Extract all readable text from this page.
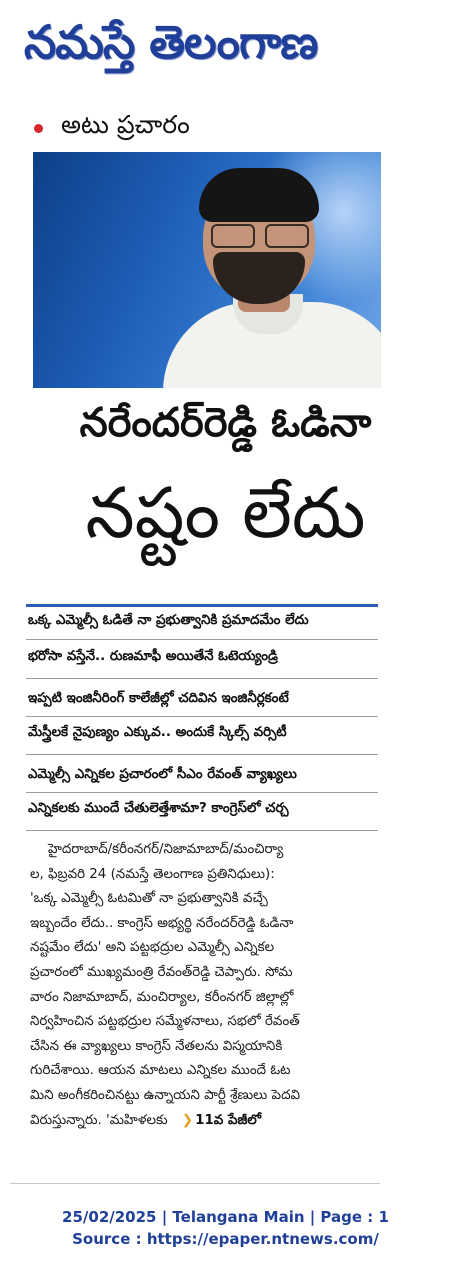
నమస్తే తెలంగాణ
అటు ప్రచారం
నరేందర్‌రెడ్డి ఓడినా
నష్టం లేదు
ఒక్క ఎమ్మెల్సీ ఓడితే నా ప్రభుత్వానికి ప్రమాదమేం లేదు
భరోసా వస్తేనే.. రుణమాఫీ అయితేనే ఓటెయ్యండ్రి
ఇప్పటి ఇంజినీరింగ్ కాలేజీల్లో చదివిన ఇంజినీర్లకంటే
మేస్త్రీలకే నైపుణ్యం ఎక్కువ.. అందుకే స్కిల్స్ వర్సిటీ
ఎమ్మెల్సీ ఎన్నికల ప్రచారంలో సీఎం రేవంత్ వ్యాఖ్యలు
ఎన్నికలకు ముందే చేతులెత్తేశామా? కాంగ్రెస్‌లో చర్చ
హైదరాబాద్/కరీంనగర్/నిజామాబాద్/మంచిర్యా
ల, ఫిబ్రవరి 24 (నమస్తే తెలంగాణ ప్రతినిధులు):
'ఒక్క ఎమ్మెల్సీ ఓటమితో నా ప్రభుత్వానికి వచ్చే
ఇబ్బందేం లేదు.. కాంగ్రెస్ అభ్యర్థి నరేందర్‌రెడ్డి ఓడినా
నష్టమేం లేదు' అని పట్టభద్రుల ఎమ్మెల్సీ ఎన్నికల
ప్రచారంలో ముఖ్యమంత్రి రేవంత్‌రెడ్డి చెప్పారు. సోమ
వారం నిజామాబాద్, మంచిర్యాల, కరీంనగర్ జిల్లాల్లో
నిర్వహించిన పట్టభద్రుల సమ్మేళనాలు, సభలో రేవంత్
చేసిన ఈ వ్యాఖ్యలు కాంగ్రెస్ నేతలను విస్మయానికి
గురిచేశాయి. ఆయన మాటలు ఎన్నికల ముందే ఓట
మిని అంగీకరించినట్టు ఉన్నాయని పార్టీ శ్రేణులు పెదవి
విరుస్తున్నారు. 'మహిళలకు ❯ 11వ పేజీలో
25/02/2025 | Telangana Main | Page : 1
Source : https://epaper.ntnews.com/
